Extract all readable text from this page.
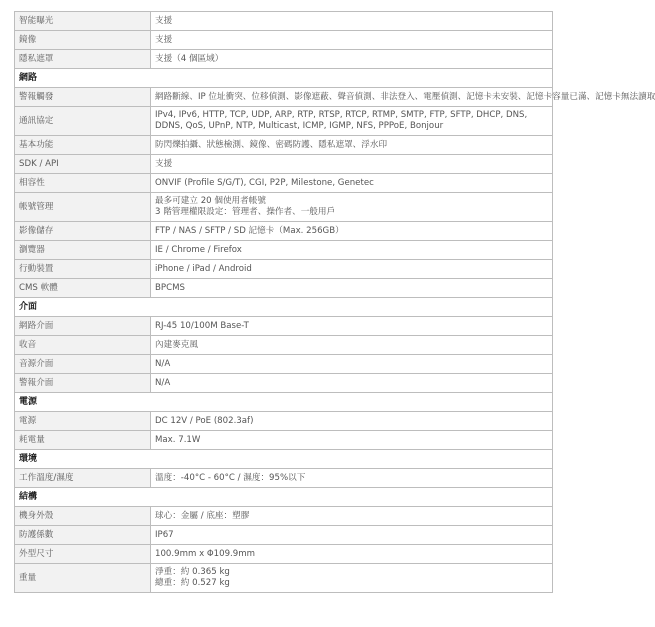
智能曝光	支援

鏡像	支援

隱私遮罩	支援（4 個區域）

網路	
警報觸發	網路斷線、IP 位址衝突、位移偵測、影像遮蔽、聲音偵測、非法登入、電壓偵測、記憶卡未安裝、記憶卡容量已滿、記憶卡無法讀取

通訊協定	IPv4, IPv6, HTTP, TCP, UDP, ARP, RTP, RTSP, RTCP, RTMP, SMTP, FTP, SFTP, DHCP, DNS, DDNS, QoS, UPnP, NTP, Multicast, ICMP, IGMP, NFS, PPPoE, Bonjour

基本功能	防閃爍拍攝、狀態檢測、鏡像、密碼防護、隱私遮罩、浮水印

SDK / API	支援

相容性	ONVIF (Profile S/G/T), CGI, P2P, Milestone, Genetec

帳號管理	最多可建立 20 個使用者帳號
3 階管理權限設定：管理者、操作者、一般用戶

影像儲存	FTP / NAS / SFTP / SD 記憶卡（Max. 256GB）

瀏覽器	IE / Chrome / Firefox

行動裝置	iPhone / iPad / Android

CMS 軟體	BPCMS

介面	
網路介面	RJ-45 10/100M Base-T

收音	內建麥克風

音源介面	N/A

警報介面	N/A

電源	
電源	DC 12V / PoE (802.3af)

耗電量	Max. 7.1W

環境	
工作溫度/濕度	溫度：-40°C - 60°C / 濕度：95%以下

結構	
機身外殼	球心：金屬 / 底座：塑膠

防護係數	IP67

外型尺寸	100.9mm x Φ109.9mm

重量	淨重：約 0.365 kg
總重：約 0.527 kg
